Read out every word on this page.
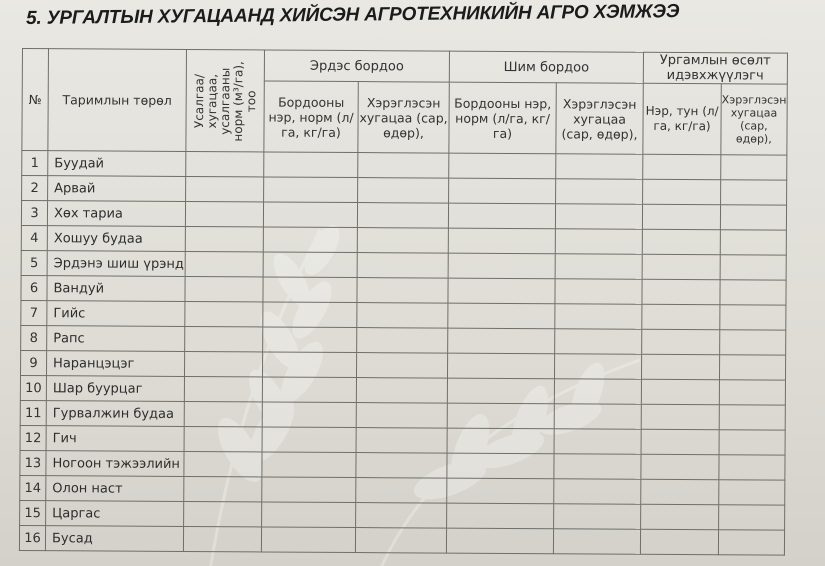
5. УРГАЛТЫН ХУГАЦААНД ХИЙСЭН АГРОТЕХНИКИЙН АГРО ХЭМЖЭЭ
№	Таримлын төрөл	Усалгаа/ хугацаа, усалгааны норм (м³/га), тоо	Эрдэс бордоо		Шим бордоо		Ургамлын өсөлт идэвхжүүлэгч	
			Бордооны нэр, норм (л/га, кг/га)	Хэрэглэсэн хугацаа (сар, өдөр),	Бордооны нэр, норм (л/га, кг/га)	Хэрэглэсэн хугацаа (сар, өдөр),	Нэр, тун (л/га, кг/га)	Хэрэглэсэн хугацаа (сар, өдөр),
1	Буудай							
2	Арвай							
3	Хөх тариа							
4	Хошуу будаа							
5	Эрдэнэ шиш үрэнд							
6	Вандуй							
7	Гийс							
8	Рапс							
9	Наранцэцэг							
10	Шар буурцаг							
11	Гурвалжин будаа							
12	Гич							
13	Ногоон тэжээлийн							
14	Олон наст							
15	Царгас							
16	Бусад							
